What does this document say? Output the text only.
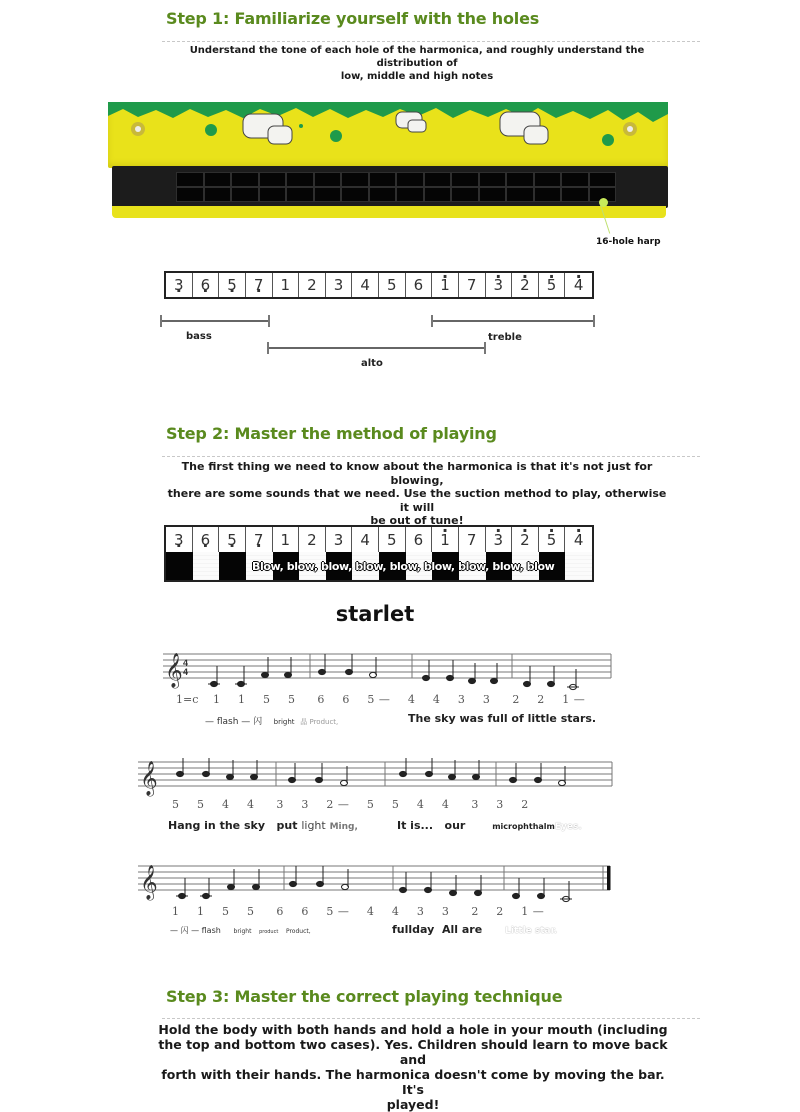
Step 1: Familiarize yourself with the holes
Understand the tone of each hole of the harmonica, and roughly understand the distribution of
low, middle and high notes
16-hole harp
3 ·	6 ·	5 ·	7 ·	1	2	3	4	5	6	· 1	7	· 3	· 2	· 5	· 4
bass
alto
treble
Step 2: Master the method of playing
The first thing we need to know about the harmonica is that it's not just for blowing,
there are some sounds that we need. Use the suction method to play, otherwise it will
be out of tune!
3 ·	6 ·	5 ·	7 ·	1	2	3	4	5	6	· 1	7	· 3	· 2	· 5	· 4
Blow, blow, blow, blow, blow, blow, blow, blow, blow
starlet
𝄞 4
4
1=c 1    1    5    5     6    6    5 —    4    4    3    3     2    2    1 —
— flash — 闪 bright 晶 Product,	The sky was full of little stars.
𝄞
5    5    4    4     3    3    2 —    5    5    4    4     3    3    2
Hang in the sky put light Ming,	It is... our	microphthalmEyes.
𝄞
1    1    5    5     6    6    5 —    4    4    3    3     2    2    1 —
— 闪 — flash bright product Product,	fullday All are	Little star.
Step 3: Master the correct playing technique
Hold the body with both hands and hold a hole in your mouth (including
the top and bottom two cases). Yes. Children should learn to move back and
forth with their hands. The harmonica doesn't come by moving the bar. It's
played!
